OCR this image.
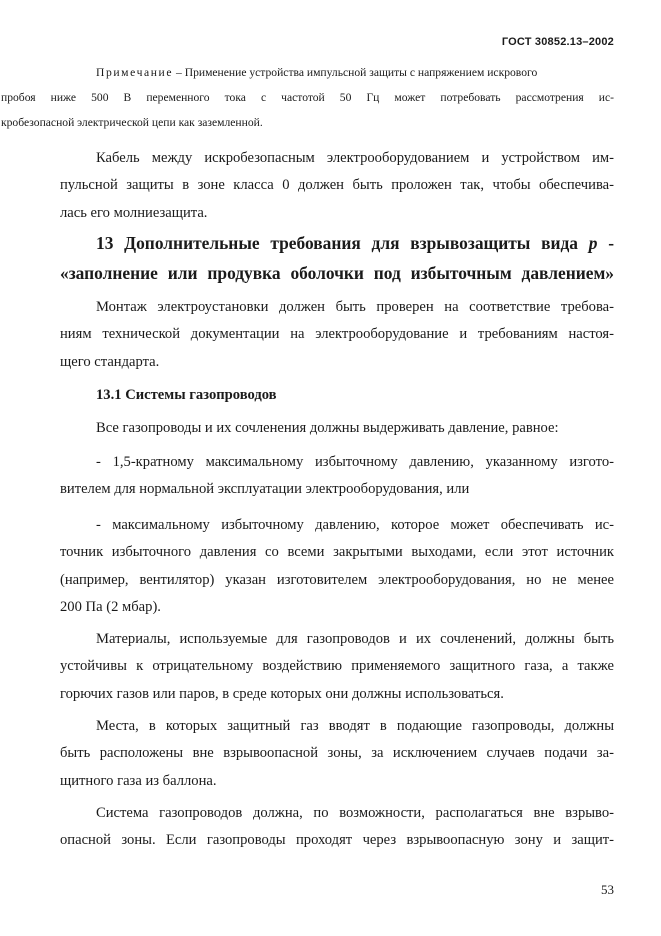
ГОСТ 30852.13–2002
Примечание – Применение устройства импульсной защиты с напряжением искрового
пробоя ниже 500 В переменного тока с частотой 50 Гц может потребовать рассмотрения ис-
кробезопасной электрической цепи как заземленной.
Кабель между искробезопасным электрооборудованием и устройством им-
пульсной защиты в зоне класса 0 должен быть проложен так, чтобы обеспечива-
лась его молниезащита.
13 Дополнительные требования для взрывозащиты вида р -
«заполнение или продувка оболочки под избыточным давлением»
Монтаж электроустановки должен быть проверен на соответствие требова-
ниям технической документации на электрооборудование и требованиям настоя-
щего стандарта.
13.1 Системы газопроводов
Все газопроводы и их сочленения должны выдерживать давление, равное:
- 1,5-кратному максимальному избыточному давлению, указанному изгото-
вителем для нормальной эксплуатации электрооборудования, или
- максимальному избыточному давлению, которое может обеспечивать ис-
точник избыточного давления со всеми закрытыми выходами, если этот источник
(например, вентилятор) указан изготовителем электрооборудования, но не менее
200 Па (2 мбар).
Материалы, используемые для газопроводов и их сочленений, должны быть
устойчивы к отрицательному воздействию применяемого защитного газа, а также
горючих газов или паров, в среде которых они должны использоваться.
Места, в которых защитный газ вводят в подающие газопроводы, должны
быть расположены вне взрывоопасной зоны, за исключением случаев подачи за-
щитного газа из баллона.
Система газопроводов должна, по возможности, располагаться вне взрыво-
опасной зоны. Если газопроводы проходят через взрывоопасную зону и защит-
53
